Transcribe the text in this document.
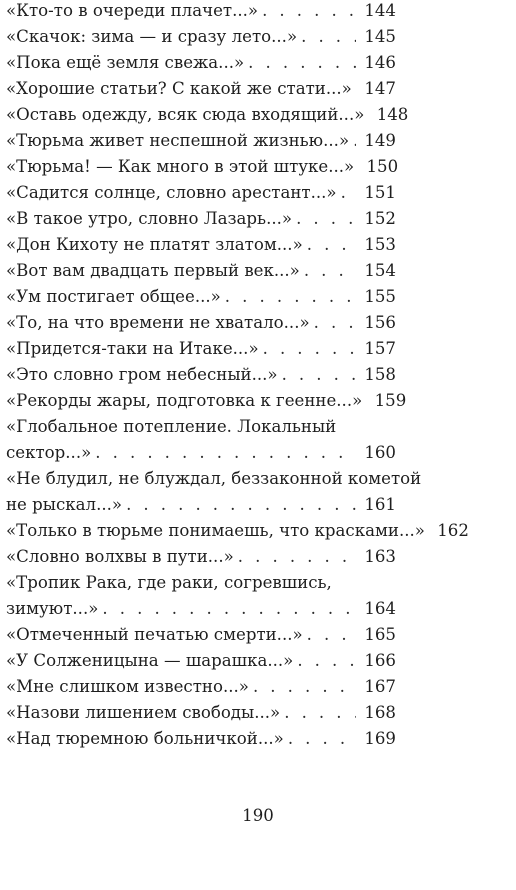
«Кто-то в очереди плачет...» . . .	144
«Скачок: зима — и сразу лето...» . . .	145
«Пока ещё земля свежа...» . . .	146
«Хорошие статьи? С какой же стати...» . . . 147
«Оставь одежду, всяк сюда входящий...» . . . 148
«Тюрьма живет неспешной жизнью...» . . . 149
«Тюрьма! — Как много в этой штуке...» . . . 150
«Садится солнце, словно арестант...» . . .	151
«В такое утро, словно Лазарь...» . . .	152
«Дон Кихоту не платят златом...» . . .	153
«Вот вам двадцать первый век...» . . .	154
«Ум постигает общее...» . . .	155
«То, на что времени не хватало...» . . .	156
«Придется-таки на Итаке...» . . .	157
«Это словно гром небесный...» . . .	158
«Рекорды жары, подготовка к геенне...» . . . 159
«Глобальное потепление. Локальный
сектор...» . . .	160
«Не блудил, не блуждал, беззаконной кометой
не рыскал...» . . .	161
«Только в тюрьме понимаешь, что красками...» . . . 162
«Словно волхвы в пути...» . . .	163
«Тропик Рака, где раки, согревшись,
зимуют...» . . .	164
«Отмеченный печатью смерти...» . . .	165
«У Солженицына — шарашка...» . . .	166
«Мне слишком известно...» . . .	167
«Назови лишением свободы...» . . .	168
«Над тюремною больничкой...» . . .	169
190
